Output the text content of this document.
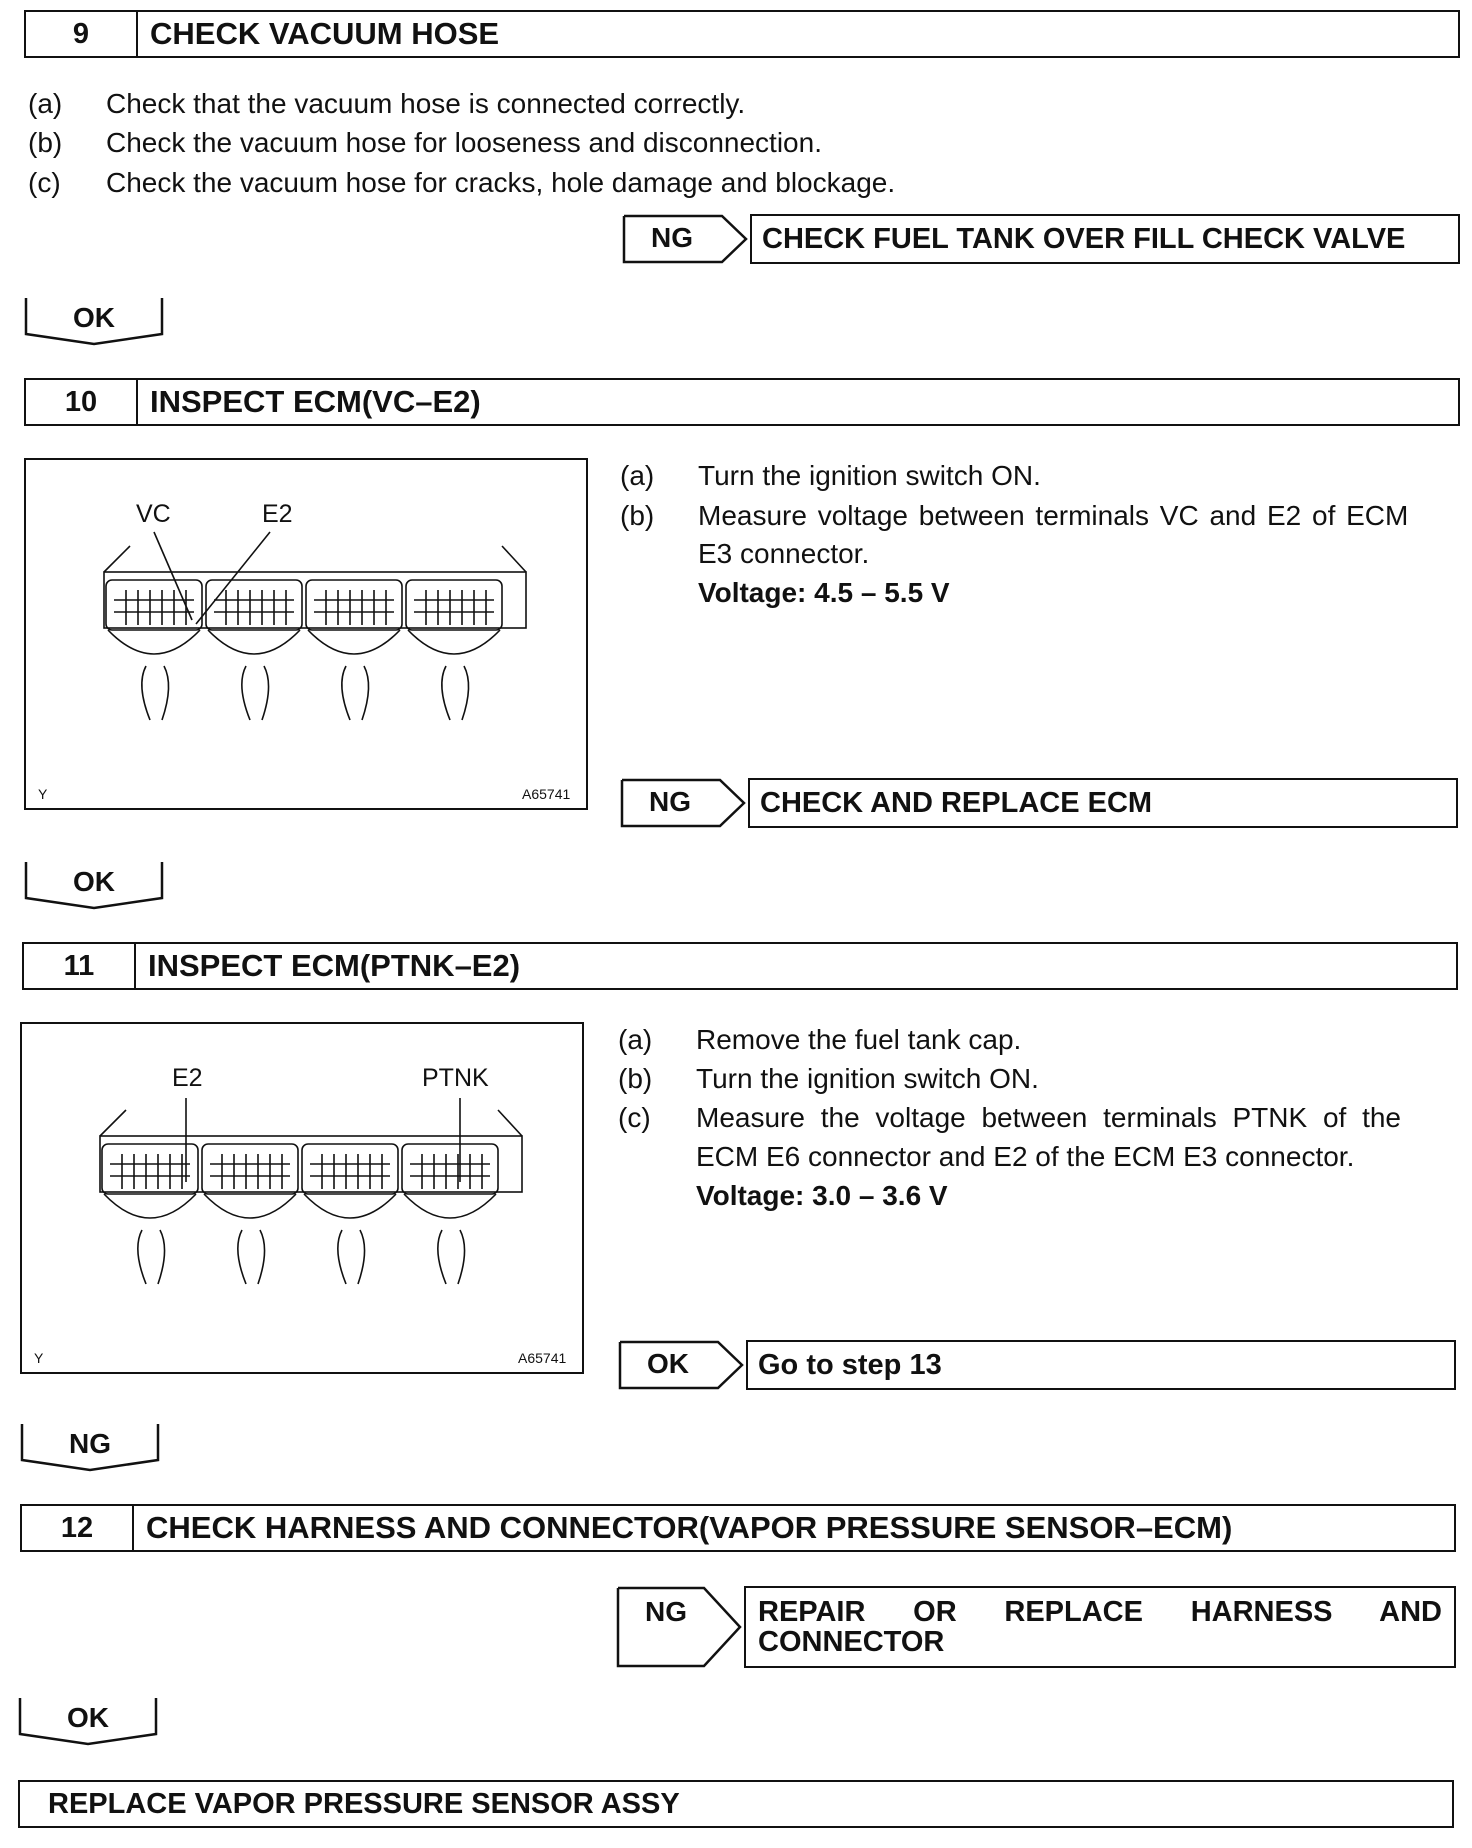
9	CHECK VACUUM HOSE
(a) Check that the vacuum hose is connected correctly.
(b) Check the vacuum hose for looseness and disconnection.
(c) Check the vacuum hose for cracks, hole damage and blockage.
NG	CHECK FUEL TANK OVER FILL CHECK VALVE
OK
10	INSPECT ECM(VC–E2)
VC	E2
Y	A65741
(a) Turn the ignition switch ON.
(b) Measure voltage between terminals VC and E2 of ECM
E3 connector.
Voltage: 4.5 – 5.5 V
NG	CHECK AND REPLACE ECM
OK
11	INSPECT ECM(PTNK–E2)
E2	PTNK
Y	A65741
(a) Remove the fuel tank cap.
(b) Turn the ignition switch ON.
(c) Measure the voltage between terminals PTNK of the
ECM E6 connector and E2 of the ECM E3 connector.
Voltage: 3.0 – 3.6 V
OK	Go to step 13
NG
12	CHECK HARNESS AND CONNECTOR(VAPOR PRESSURE SENSOR–ECM)
NG	REPAIR OR REPLACE HARNESS AND
CONNECTOR
OK
REPLACE VAPOR PRESSURE SENSOR ASSY
